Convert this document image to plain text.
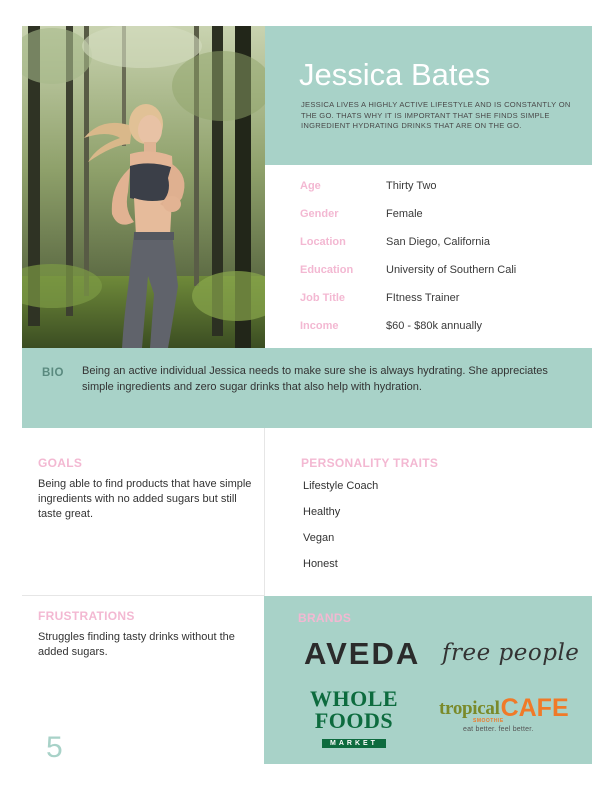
Jessica Bates
JESSICA LIVES A HIGHLY ACTIVE LIFESTYLE AND IS CONSTANTLY ON THE GO. THATS WHY IT IS IMPORTANT THAT SHE FINDS SIMPLE INGREDIENT HYDRATING DRINKS THAT ARE ON THE GO.
Age	Thirty Two
Gender	Female
Location	San Diego, California
Education	University of Southern Cali
Job Title	FItness Trainer
Income	$60 - $80k annually
BIO Being an active individual Jessica needs to make sure she is always hydrating. She appreciates simple ingredients and zero sugar drinks that also help with hydration.
GOALS
Being able to find products that have simple ingredients with no added sugars but still taste great.
PERSONALITY TRAITS
Lifestyle Coach
Healthy
Vegan
Honest
FRUSTRATIONS
Struggles finding tasty drinks without the added sugars.
BRANDS
AVEDA free people
WHOLE
FOODS
MARKET
tropical CAFE
SMOOTHIE
eat better. feel better.
5
